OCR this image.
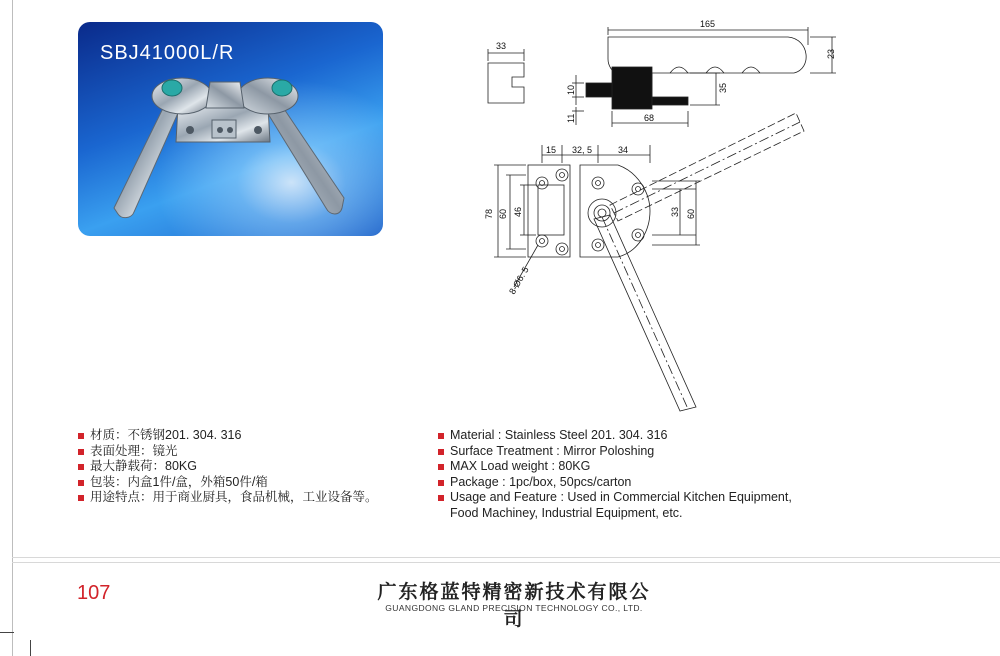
SBJ41000L/R	33
165
23
10
11
35
68
15 32, 5	34
78 60 46	33 60
8-Ø6. 5
材质：不锈钢201. 304. 316
表面处理：镜光
最大静载荷：80KG
包装：内盒1件/盒，外箱50件/箱
用途特点：用于商业厨具，食品机械，工业设备等。
Material : Stainless Steel 201. 304. 316
Surface Treatment : Mirror Poloshing
MAX Load weight : 80KG
Package : 1pc/box, 50pcs/carton
Usage and Feature : Used in Commercial Kitchen Equipment,
Food Machiney, Industrial Equipment, etc.
107	广东格蓝特精密新技术有限公司
GUANGDONG GLAND PRECISION TECHNOLOGY CO., LTD.
